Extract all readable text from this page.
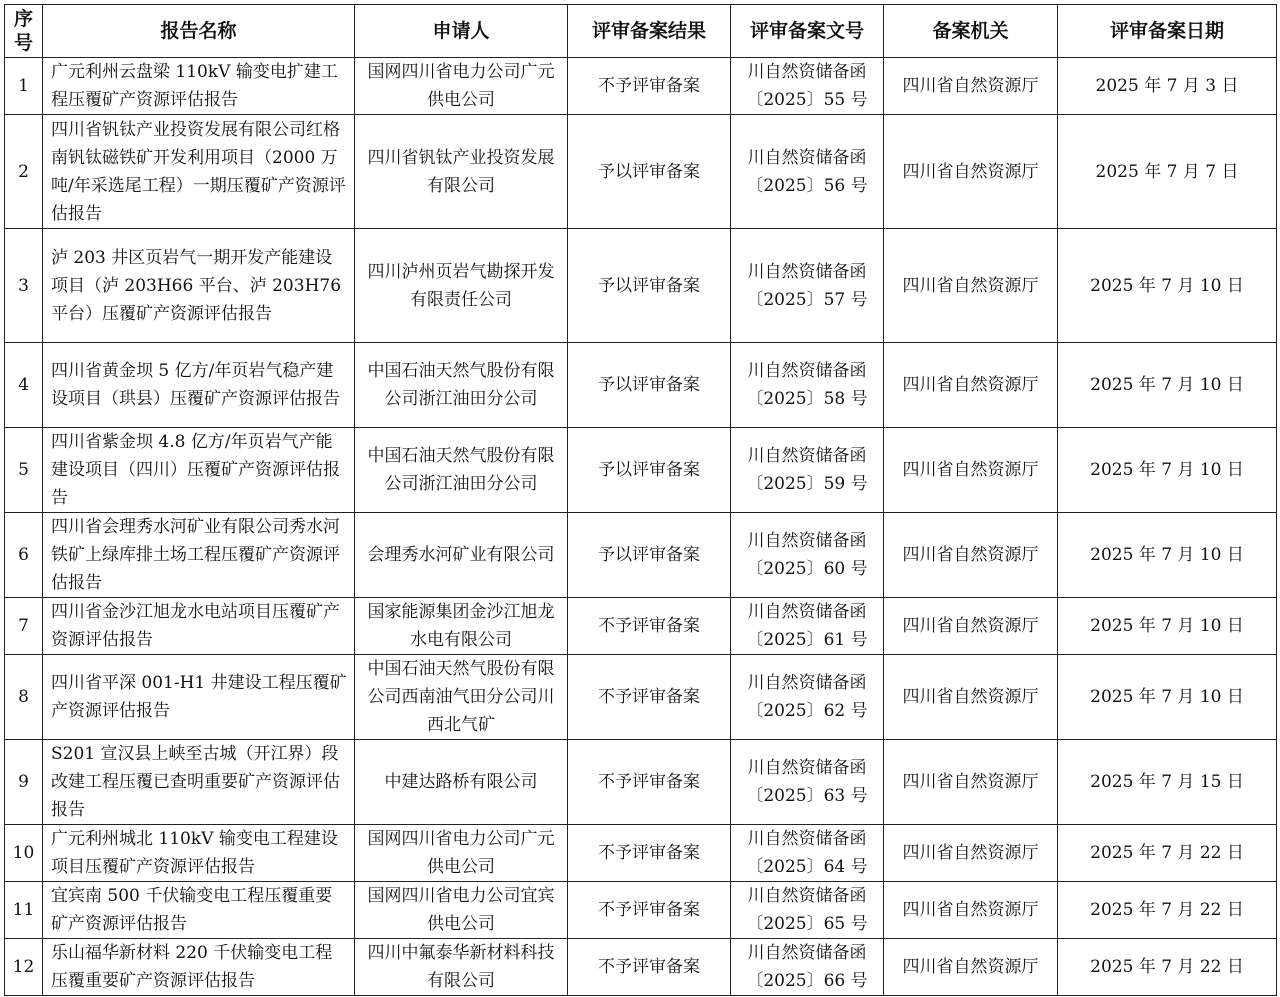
序号	报告名称	申请人	评审备案结果	评审备案文号	备案机关	评审备案日期
1	广元利州云盘梁 110kV 输变电扩建工程压覆矿产资源评估报告	国网四川省电力公司广元供电公司	不予评审备案	川自然资储备函〔2025〕55 号	四川省自然资源厅	2025 年 7 月 3 日
2	四川省钒钛产业投资发展有限公司红格南钒钛磁铁矿开发利用项目（2000 万吨/年采选尾工程）一期压覆矿产资源评估报告	四川省钒钛产业投资发展有限公司	予以评审备案	川自然资储备函〔2025〕56 号	四川省自然资源厅	2025 年 7 月 7 日
3	泸 203 井区页岩气一期开发产能建设项目（泸 203H66 平台、泸 203H76 平台）压覆矿产资源评估报告	四川泸州页岩气勘探开发有限责任公司	予以评审备案	川自然资储备函〔2025〕57 号	四川省自然资源厅	2025 年 7 月 10 日
4	四川省黄金坝 5 亿方/年页岩气稳产建设项目（珙县）压覆矿产资源评估报告	中国石油天然气股份有限公司浙江油田分公司	予以评审备案	川自然资储备函〔2025〕58 号	四川省自然资源厅	2025 年 7 月 10 日
5	四川省紫金坝 4.8 亿方/年页岩气产能建设项目（四川）压覆矿产资源评估报告	中国石油天然气股份有限公司浙江油田分公司	予以评审备案	川自然资储备函〔2025〕59 号	四川省自然资源厅	2025 年 7 月 10 日
6	四川省会理秀水河矿业有限公司秀水河铁矿上绿库排土场工程压覆矿产资源评估报告	会理秀水河矿业有限公司	予以评审备案	川自然资储备函〔2025〕60 号	四川省自然资源厅	2025 年 7 月 10 日
7	四川省金沙江旭龙水电站项目压覆矿产资源评估报告	国家能源集团金沙江旭龙水电有限公司	不予评审备案	川自然资储备函〔2025〕61 号	四川省自然资源厅	2025 年 7 月 10 日
8	四川省平深 001-H1 井建设工程压覆矿产资源评估报告	中国石油天然气股份有限公司西南油气田分公司川西北气矿	不予评审备案	川自然资储备函〔2025〕62 号	四川省自然资源厅	2025 年 7 月 10 日
9	S201 宣汉县上峡至古城（开江界）段改建工程压覆已查明重要矿产资源评估报告	中建达路桥有限公司	不予评审备案	川自然资储备函〔2025〕63 号	四川省自然资源厅	2025 年 7 月 15 日
10	广元利州城北 110kV 输变电工程建设项目压覆矿产资源评估报告	国网四川省电力公司广元供电公司	不予评审备案	川自然资储备函〔2025〕64 号	四川省自然资源厅	2025 年 7 月 22 日
11	宜宾南 500 千伏输变电工程压覆重要矿产资源评估报告	国网四川省电力公司宜宾供电公司	不予评审备案	川自然资储备函〔2025〕65 号	四川省自然资源厅	2025 年 7 月 22 日
12	乐山福华新材料 220 千伏输变电工程压覆重要矿产资源评估报告	四川中氟泰华新材料科技有限公司	不予评审备案	川自然资储备函〔2025〕66 号	四川省自然资源厅	2025 年 7 月 22 日
